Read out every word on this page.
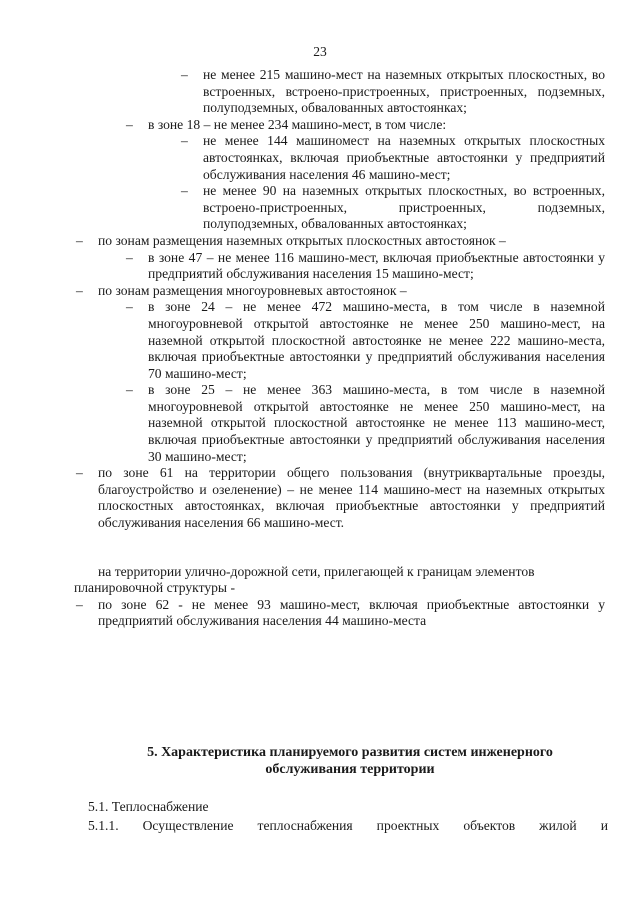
23

– не менее 215 машино-мест на наземных открытых плоскостных, во встроенных, встроено-пристроенных, пристроенных, подземных, полуподземных, обвалованных автостоянках;

– в зоне 18 – не менее 234 машино-мест, в том числе:

– не менее 144 машиномест на наземных открытых плоскостных автостоянках, включая приобъектные автостоянки у предприятий обслуживания населения 46 машино-мест;

– не менее 90 на наземных открытых плоскостных, во встроенных, встроено-пристроенных, пристроенных, подземных, полуподземных, обвалованных автостоянках;

– по зонам размещения наземных открытых плоскостных автостоянок –

– в зоне 47 – не менее 116 машино-мест, включая приобъектные автостоянки у предприятий обслуживания населения 15 машино-мест;

– по зонам размещения многоуровневых автостоянок –

– в зоне 24 – не менее 472 машино-места, в том числе в наземной многоуровневой открытой автостоянке не менее 250 машино-мест, на наземной открытой плоскостной автостоянке не менее 222 машино-места, включая приобъектные автостоянки у предприятий обслуживания населения 70 машино-мест;

– в зоне 25 – не менее 363 машино-места, в том числе в наземной многоуровневой открытой автостоянке не менее 250 машино-мест, на наземной открытой плоскостной автостоянке не менее 113 машино-мест, включая приобъектные автостоянки у предприятий обслуживания населения 30 машино-мест;

– по зоне 61 на территории общего пользования (внутриквартальные проезды, благоустройство и озеленение) – не менее 114 машино-мест на наземных открытых плоскостных автостоянках, включая приобъектные автостоянки у предприятий обслуживания населения 66 машино-мест.

на территории улично-дорожной сети, прилегающей к границам элементов

планировочной структуры -

– по зоне 62 - не менее 93 машино-мест, включая приобъектные автостоянки у предприятий обслуживания населения 44 машино-места

5. Характеристика планируемого развития систем инженерного обслуживания территории
5.1. Теплоснабжение
5.1.1. Осуществление теплоснабжения проектных объектов жилой и
